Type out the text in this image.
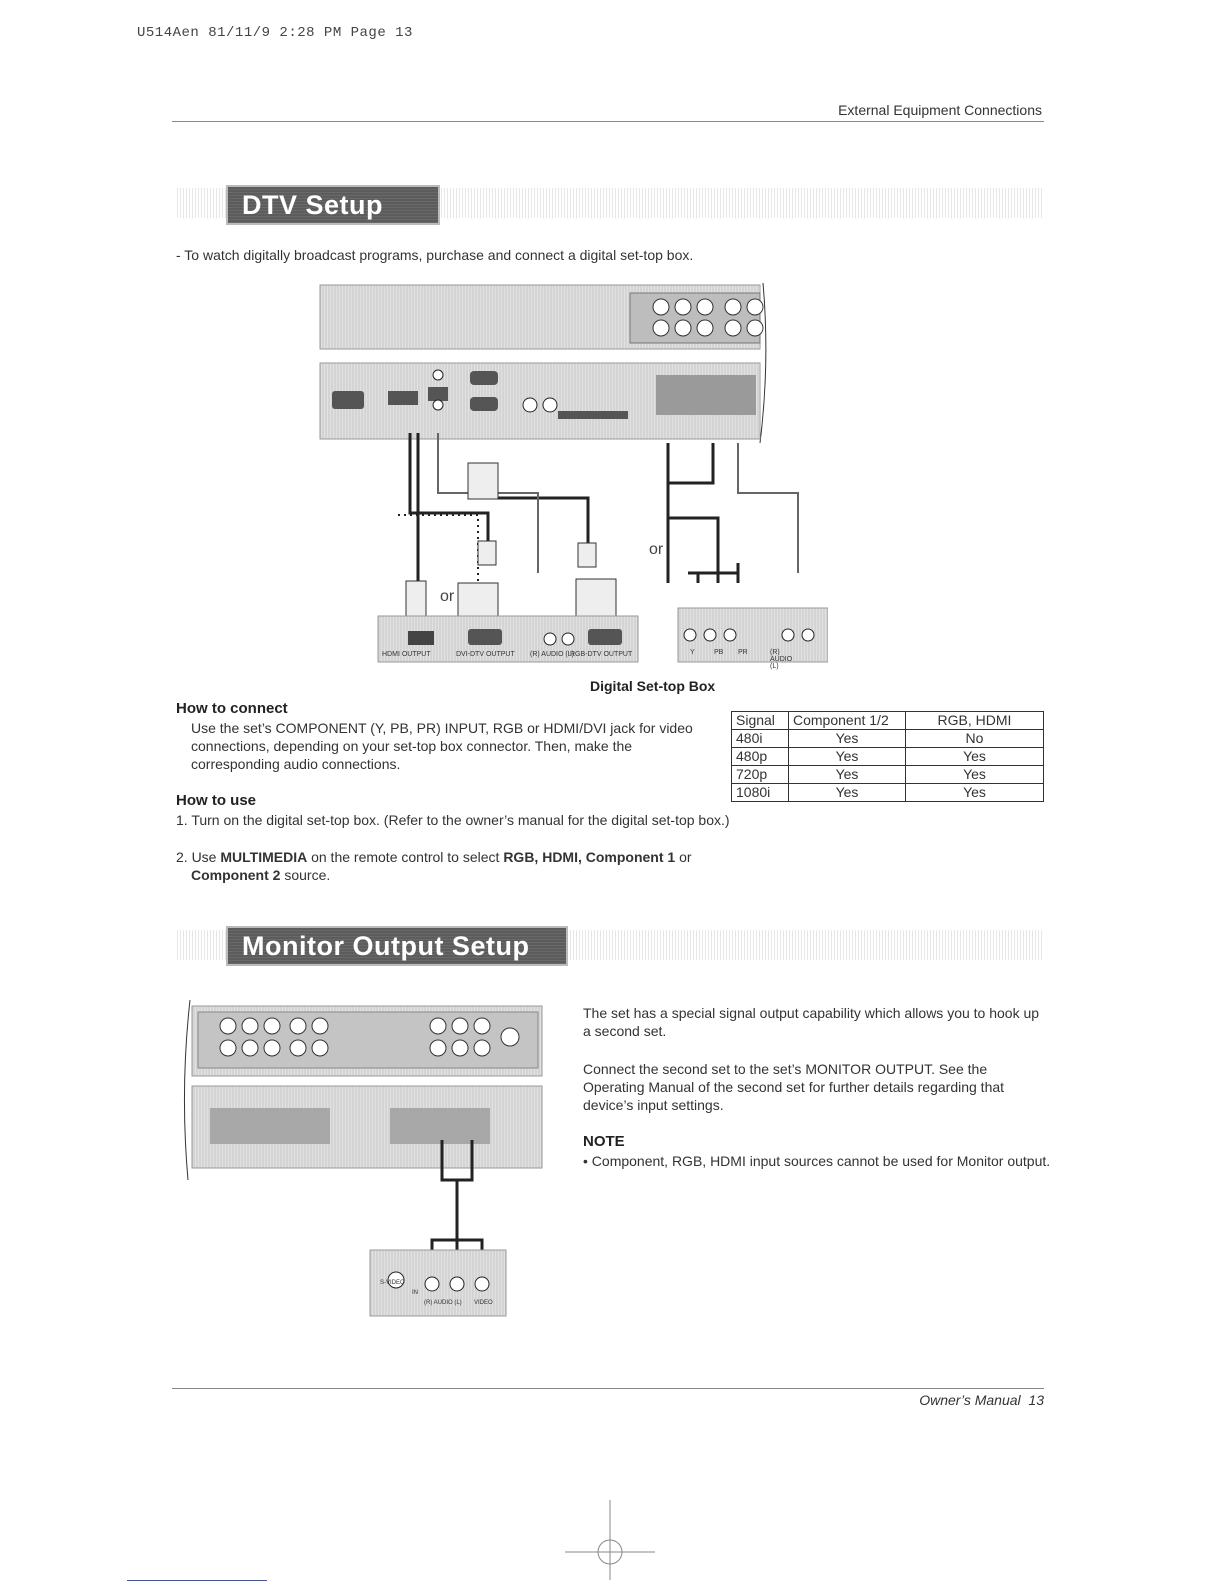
U514Aen 81/11/9 2:28 PM Page 13
External Equipment Connections
DTV Setup
- To watch digitally broadcast programs, purchase and connect a digital set-top box.
or
or
HDMI OUTPUT	DVI-DTV OUTPUT (R) AUDIO (L)
RGB-DTV OUTPUT	Y	PB PR	(R) AUDIO (L)
Digital Set-top Box
How to connect
Use the set’s COMPONENT (Y, PB, PR) INPUT, RGB or HDMI/DVI jack for video connections, depending on your set-top box connector. Then, make the corresponding audio connections.
How to use
1. Turn on the digital set-top box. (Refer to the owner’s manual for the digital set-top box.)
2. Use MULTIMEDIA on the remote control to select RGB, HDMI, Component 1 or Component 2 source.
Signal	Component 1/2	RGB, HDMI
480i	Yes	No
480p	Yes	Yes
720p	Yes	Yes
1080i	Yes	Yes
Monitor Output Setup
S-VIDEO
IN
(R) AUDIO (L) VIDEO
The set has a special signal output capability which allows you to hook up a second set.
Connect the second set to the set’s MONITOR OUTPUT. See the Operating Manual of the second set for further details regarding that device’s input settings.
NOTE
• Component, RGB, HDMI input sources cannot be used for Monitor output.
Owner’s Manual 13
